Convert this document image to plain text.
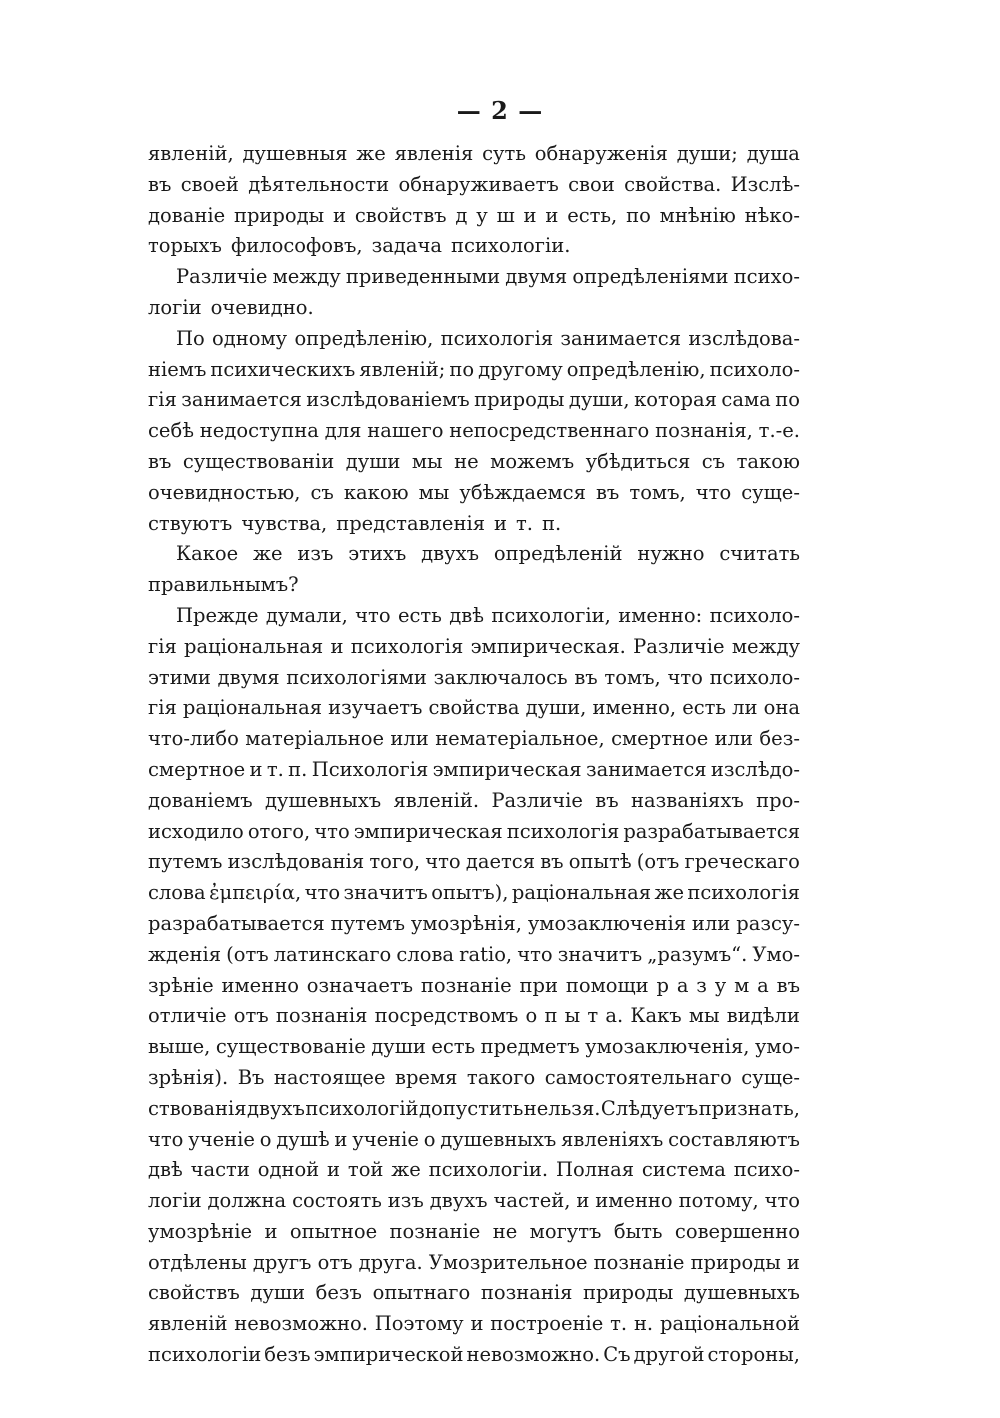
— 2 —
явленій, душевныя же явленія суть обнаруженія души; душа
въ своей дѣятельности обнаруживаетъ свои свойства. Изслѣ-
дованіе природы и свойствъ д у ш и и есть, по мнѣнію нѣко-
торыхъ философовъ, задача психологіи.
Различіе между приведенными двумя опредѣленіями психо-
логіи очевидно.
По одному опредѣленію, психологія занимается изслѣдова-
ніемъ психическихъ явленій; по другому опредѣленію, психоло-
гія занимается изслѣдованіемъ природы души, которая сама по
себѣ недоступна для нашего непосредственнаго познанія, т.-е.
въ существованіи души мы не можемъ убѣдиться съ такою
очевидностью, съ какою мы убѣждаемся въ томъ, что суще-
ствуютъ чувства, представленія и т. п.
Какое же изъ этихъ двухъ опредѣленій нужно считать
правильнымъ?
Прежде думали, что есть двѣ психологіи, именно: психоло-
гія раціональная и психологія эмпирическая. Различіе между
этими двумя психологіями заключалось въ томъ, что психоло-
гія раціональная изучаетъ свойства души, именно, есть ли она
что-либо матеріальное или нематеріальное, смертное или без-
смертное и т. п. Психологія эмпирическая занимается изслѣдо-
дованіемъ душевныхъ явленій. Различіе въ названіяхъ про-
исходило отого, что эмпирическая психологія разрабатывается
путемъ изслѣдованія того, что дается въ опытѣ (отъ греческаго
слова ἐμπειρία, что значитъ опытъ), раціональная же психологія
разрабатывается путемъ умозрѣнія, умозаключенія или разсу-
жденія (отъ латинскаго слова ratio, что значитъ „разумъ“. Умо-
зрѣніе именно означаетъ познаніе при помощи р а з у м а въ
отличіе отъ познанія посредствомъ о п ы т а. Какъ мы видѣли
выше, существованіе души есть предметъ умозаключенія, умо-
зрѣнія). Въ настоящее время такого самостоятельнаго суще-
ствованія двухъ психологій допустить нельзя. Слѣдуетъ признать,
что ученіе о душѣ и ученіе о душевныхъ явленіяхъ составляютъ
двѣ части одной и той же психологіи. Полная система психо-
логіи должна состоять изъ двухъ частей, и именно потому, что
умозрѣніе и опытное познаніе не могутъ быть совершенно
отдѣлены другъ отъ друга. Умозрительное познаніе природы и
свойствъ души безъ опытнаго познанія природы душевныхъ
явленій невозможно. Поэтому и построеніе т. н. раціональной
психологіи безъ эмпирической невозможно. Съ другой стороны,
